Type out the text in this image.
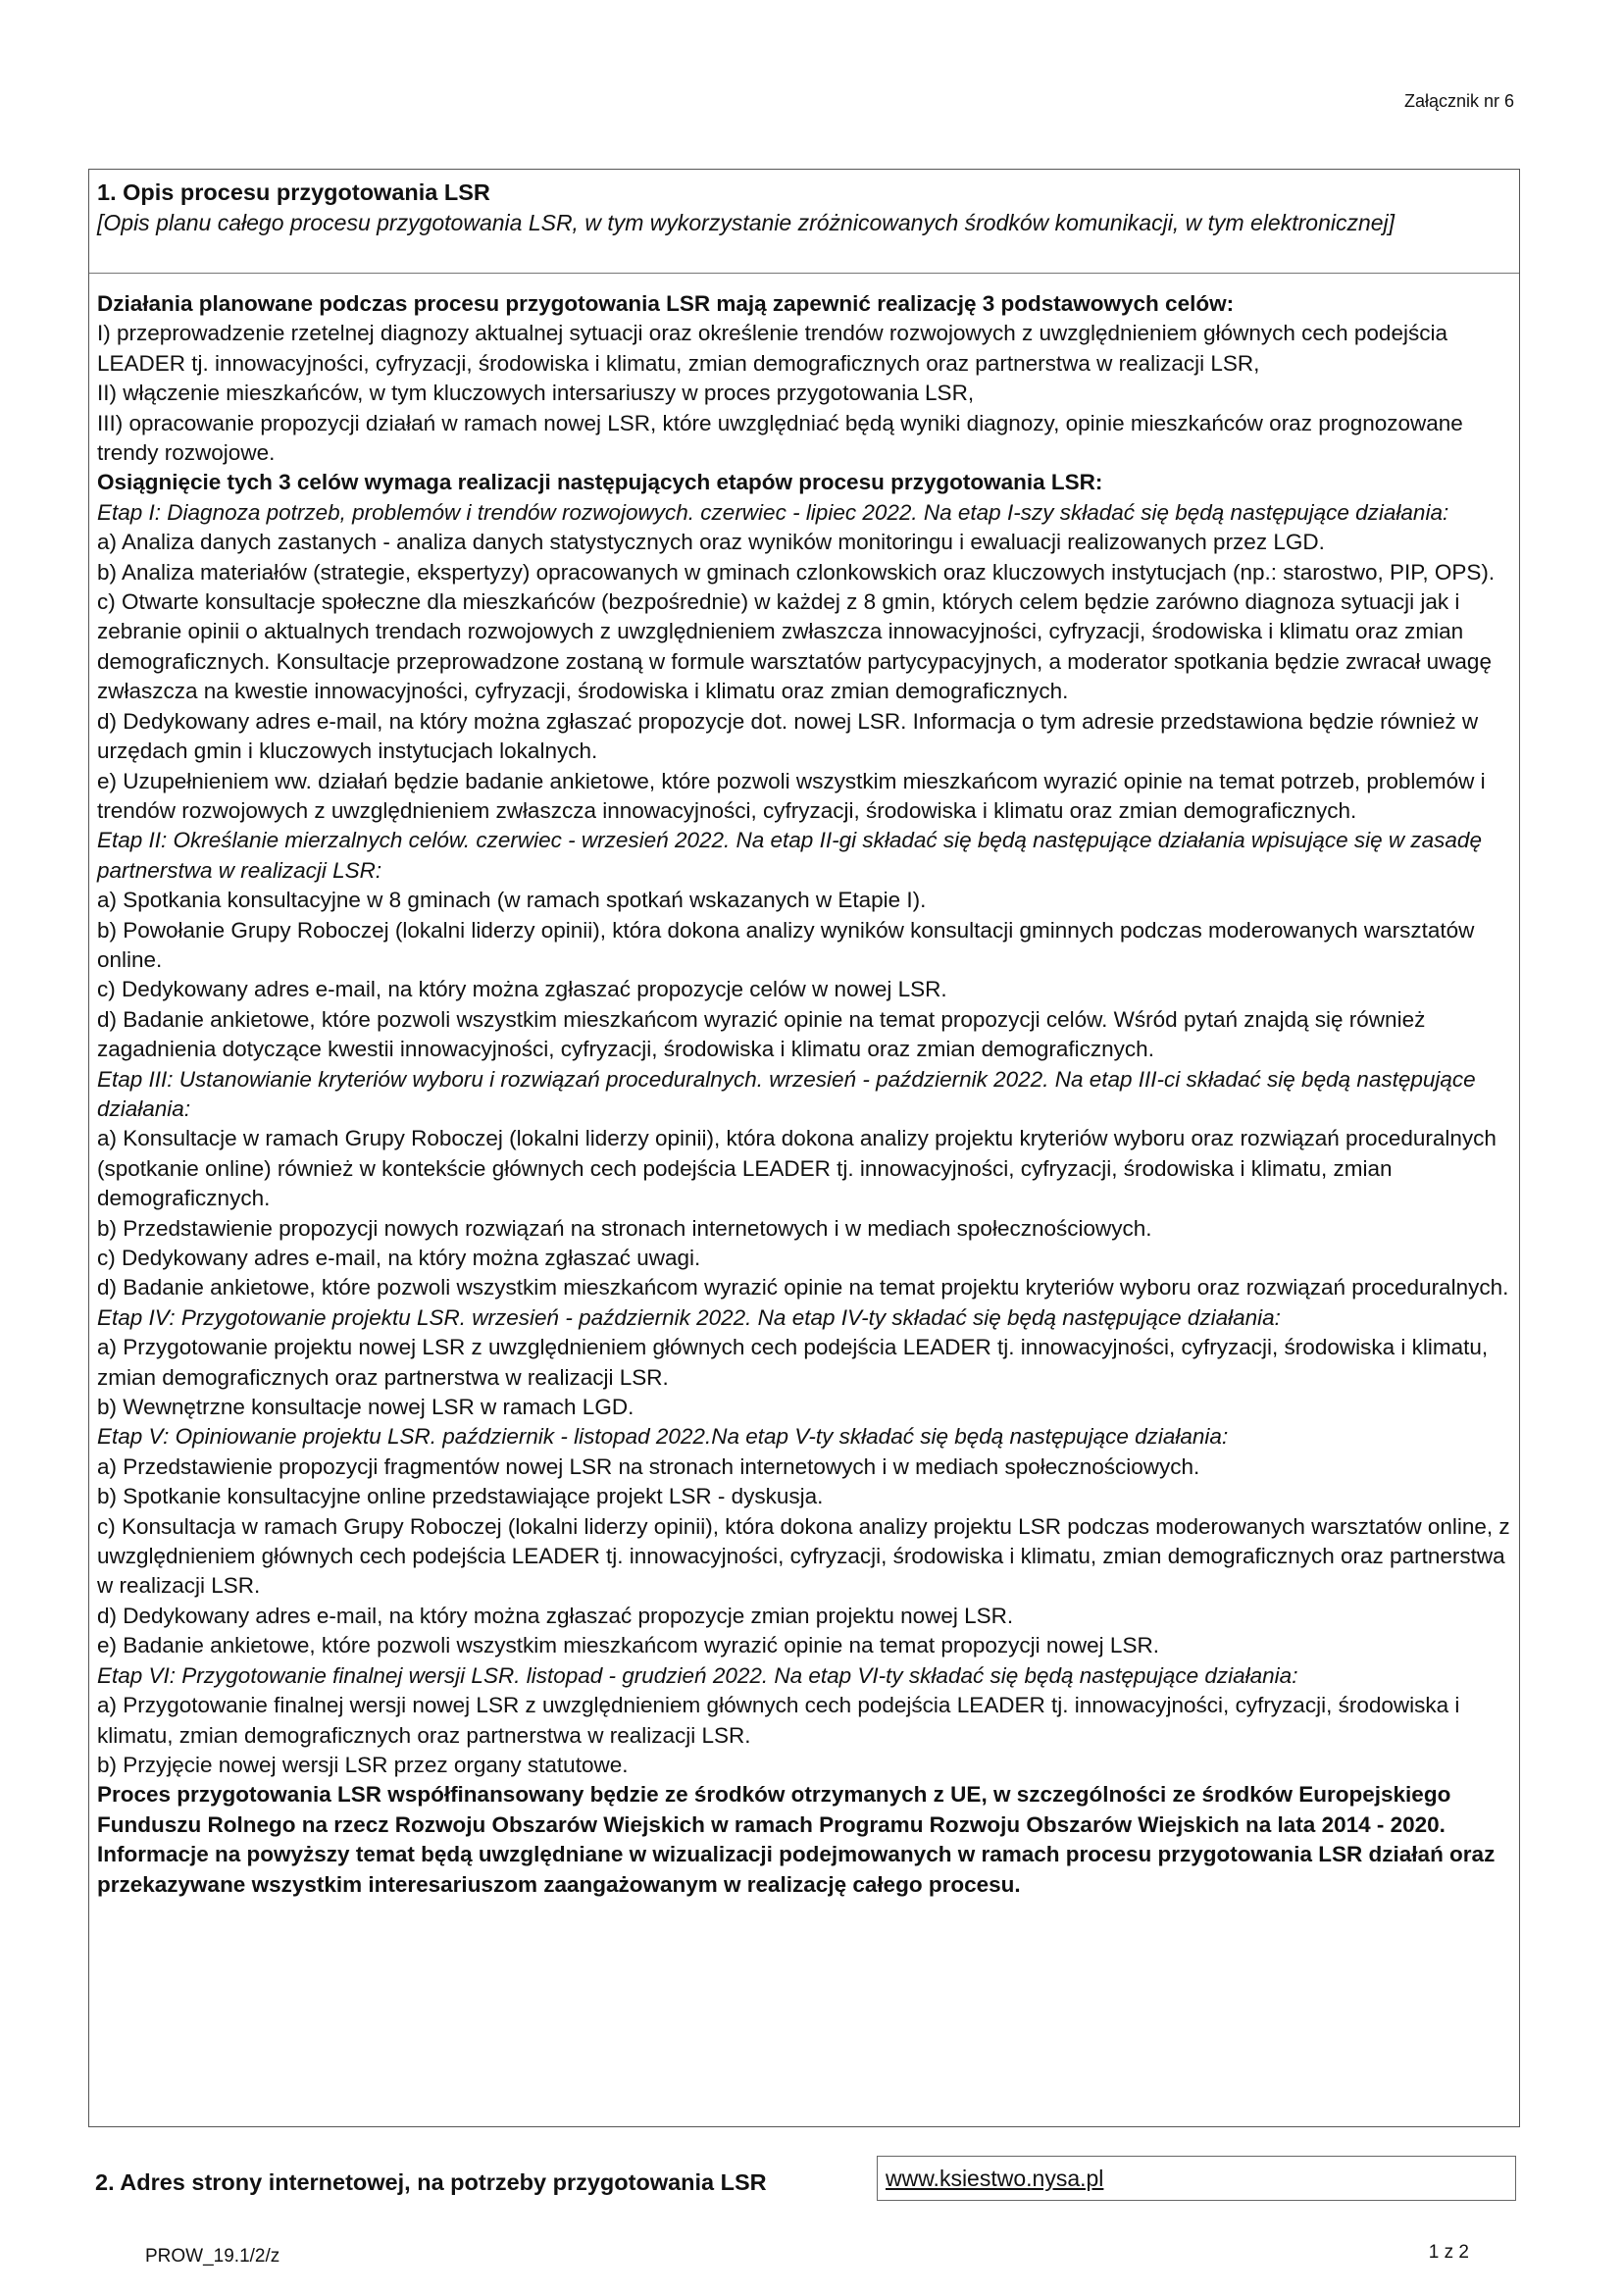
Załącznik nr 6
1. Opis procesu przygotowania LSR
[Opis planu całego procesu przygotowania LSR, w tym wykorzystanie zróżnicowanych środków komunikacji, w tym elektronicznej]

Działania planowane podczas procesu przygotowania LSR mają zapewnić realizację 3 podstawowych celów:

I) przeprowadzenie rzetelnej diagnozy aktualnej sytuacji oraz określenie trendów rozwojowych z uwzględnieniem głównych cech podejścia LEADER tj. innowacyjności, cyfryzacji, środowiska i klimatu, zmian demograficznych oraz partnerstwa w realizacji LSR,

II) włączenie mieszkańców, w tym kluczowych intersariuszy w proces przygotowania LSR,

III) opracowanie propozycji działań w ramach nowej LSR, które uwzględniać będą wyniki diagnozy, opinie mieszkańców oraz prognozowane trendy rozwojowe.

Osiągnięcie tych 3 celów wymaga realizacji następujących etapów procesu przygotowania LSR:

Etap I: Diagnoza potrzeb, problemów i trendów rozwojowych. czerwiec - lipiec 2022. Na etap I-szy składać się będą następujące działania:

a) Analiza danych zastanych - analiza danych statystycznych oraz wyników monitoringu i ewaluacji realizowanych przez LGD.

b) Analiza materiałów (strategie, ekspertyzy) opracowanych w gminach czlonkowskich oraz kluczowych instytucjach (np.: starostwo, PIP, OPS).

c) Otwarte konsultacje społeczne dla mieszkańców (bezpośrednie) w każdej z 8 gmin, których celem będzie zarówno diagnoza sytuacji jak i zebranie opinii o aktualnych trendach rozwojowych z uwzględnieniem zwłaszcza innowacyjności, cyfryzacji, środowiska i klimatu oraz zmian demograficznych. Konsultacje przeprowadzone zostaną w formule warsztatów partycypacyjnych, a moderator spotkania będzie zwracał uwagę zwłaszcza na kwestie innowacyjności, cyfryzacji, środowiska i klimatu oraz zmian demograficznych.

d) Dedykowany adres e-mail, na który można zgłaszać propozycje dot. nowej LSR. Informacja o tym adresie przedstawiona będzie również w urzędach gmin i kluczowych instytucjach lokalnych.

e) Uzupełnieniem ww. działań będzie badanie ankietowe, które pozwoli wszystkim mieszkańcom wyrazić opinie na temat potrzeb, problemów i trendów rozwojowych z uwzględnieniem zwłaszcza innowacyjności, cyfryzacji, środowiska i klimatu oraz zmian demograficznych.

Etap II: Określanie mierzalnych celów. czerwiec - wrzesień 2022. Na etap II-gi składać się będą następujące działania wpisujące się w zasadę partnerstwa w realizacji LSR:

a) Spotkania konsultacyjne w 8 gminach (w ramach spotkań wskazanych w Etapie I).

b) Powołanie Grupy Roboczej (lokalni liderzy opinii), która dokona analizy wyników konsultacji gminnych podczas moderowanych warsztatów online.

c) Dedykowany adres e-mail, na który można zgłaszać propozycje celów w nowej LSR.

d) Badanie ankietowe, które pozwoli wszystkim mieszkańcom wyrazić opinie na temat propozycji celów. Wśród pytań znajdą się również zagadnienia dotyczące kwestii innowacyjności, cyfryzacji, środowiska i klimatu oraz zmian demograficznych.

Etap III: Ustanowianie kryteriów wyboru i rozwiązań proceduralnych. wrzesień - październik 2022. Na etap III-ci składać się będą następujące działania:

a) Konsultacje w ramach Grupy Roboczej (lokalni liderzy opinii), która dokona analizy projektu kryteriów wyboru oraz rozwiązań proceduralnych (spotkanie online) również w kontekście głównych cech podejścia LEADER tj. innowacyjności, cyfryzacji, środowiska i klimatu, zmian demograficznych.

b) Przedstawienie propozycji nowych rozwiązań na stronach internetowych i w mediach społecznościowych.

c) Dedykowany adres e-mail, na który można zgłaszać uwagi.

d) Badanie ankietowe, które pozwoli wszystkim mieszkańcom wyrazić opinie na temat projektu kryteriów wyboru oraz rozwiązań proceduralnych.

Etap IV: Przygotowanie projektu LSR. wrzesień - październik 2022. Na etap IV-ty składać się będą następujące działania:

a) Przygotowanie projektu nowej LSR z uwzględnieniem głównych cech podejścia LEADER tj. innowacyjności, cyfryzacji, środowiska i klimatu, zmian demograficznych oraz partnerstwa w realizacji LSR.

b) Wewnętrzne konsultacje nowej LSR w ramach LGD.

Etap V: Opiniowanie projektu LSR. październik - listopad 2022.Na etap V-ty składać się będą następujące działania:

a) Przedstawienie propozycji fragmentów nowej LSR na stronach internetowych i w mediach społecznościowych.

b) Spotkanie konsultacyjne online przedstawiające projekt LSR - dyskusja.

c) Konsultacja w ramach Grupy Roboczej (lokalni liderzy opinii), która dokona analizy projektu LSR podczas moderowanych warsztatów online, z uwzględnieniem głównych cech podejścia LEADER tj. innowacyjności, cyfryzacji, środowiska i klimatu, zmian demograficznych oraz partnerstwa w realizacji LSR.

d) Dedykowany adres e-mail, na który można zgłaszać propozycje zmian projektu nowej LSR.

e) Badanie ankietowe, które pozwoli wszystkim mieszkańcom wyrazić opinie na temat propozycji nowej LSR.

Etap VI: Przygotowanie finalnej wersji LSR. listopad - grudzień 2022. Na etap VI-ty składać się będą następujące działania:

a) Przygotowanie finalnej wersji nowej LSR z uwzględnieniem głównych cech podejścia LEADER tj. innowacyjności, cyfryzacji, środowiska i klimatu, zmian demograficznych oraz partnerstwa w realizacji LSR.

b) Przyjęcie nowej wersji LSR przez organy statutowe.

Proces przygotowania LSR współfinansowany będzie ze środków otrzymanych z UE, w szczególności ze środków Europejskiego Funduszu Rolnego na rzecz Rozwoju Obszarów Wiejskich w ramach Programu Rozwoju Obszarów Wiejskich na lata 2014 - 2020. Informacje na powyższy temat będą uwzględniane w wizualizacji podejmowanych w ramach procesu przygotowania LSR działań oraz przekazywane wszystkim interesariuszom zaangażowanym w realizację całego procesu.

2. Adres strony internetowej, na potrzeby przygotowania LSR	www.ksiestwo.nysa.pl
PROW_19.1/2/z	1 z 2
